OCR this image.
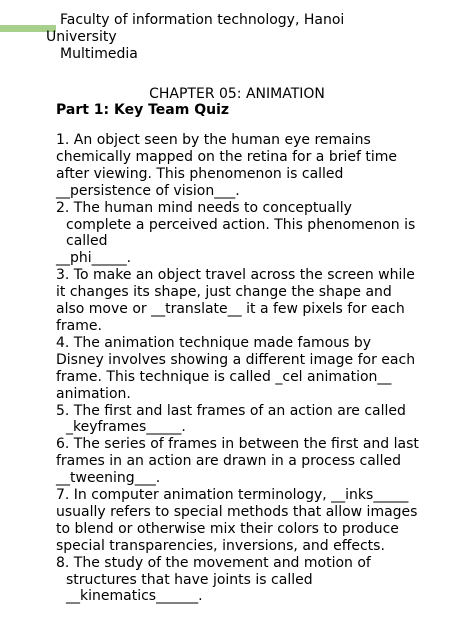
Faculty of information technology, Hanoi
University
Multimedia
CHAPTER 05: ANIMATION
Part 1: Key Team Quiz
1. An object seen by the human eye remains
chemically mapped on the retina for a brief time
after viewing. This phenomenon is called
__persistence of vision___.
2. The human mind needs to conceptually
complete a perceived action. This phenomenon is
called
__phi_____.
3. To make an object travel across the screen while
it changes its shape, just change the shape and
also move or __translate__ it a few pixels for each
frame.
4. The animation technique made famous by
Disney involves showing a different image for each
frame. This technique is called _cel animation__
animation.
5. The first and last frames of an action are called
_keyframes_____.
6. The series of frames in between the first and last
frames in an action are drawn in a process called
__tweening___.
7. In computer animation terminology, __inks_____
usually refers to special methods that allow images
to blend or otherwise mix their colors to produce
special transparencies, inversions, and effects.
8. The study of the movement and motion of
structures that have joints is called
__kinematics______.
